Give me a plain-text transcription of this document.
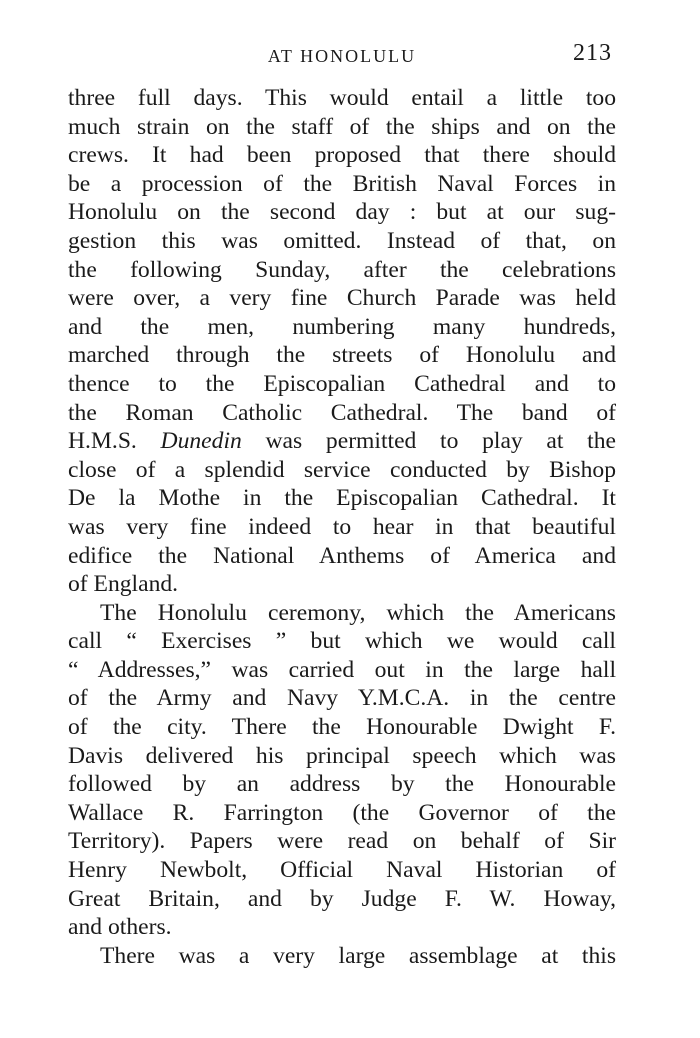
AT HONOLULU	213
three full days. This would entail a little too
much strain on the staff of the ships and on the
crews. It had been proposed that there should
be a procession of the British Naval Forces in
Honolulu on the second day : but at our sug-
gestion this was omitted. Instead of that, on
the following Sunday, after the celebrations
were over, a very fine Church Parade was held
and the men, numbering many hundreds,
marched through the streets of Honolulu and
thence to the Episcopalian Cathedral and to
the Roman Catholic Cathedral. The band of
H.M.S. Dunedin was permitted to play at the
close of a splendid service conducted by Bishop
De la Mothe in the Episcopalian Cathedral. It
was very fine indeed to hear in that beautiful
edifice the National Anthems of America and
of England.
The Honolulu ceremony, which the Americans
call “ Exercises ” but which we would call
“ Addresses,” was carried out in the large hall
of the Army and Navy Y.M.C.A. in the centre
of the city. There the Honourable Dwight F.
Davis delivered his principal speech which was
followed by an address by the Honourable
Wallace R. Farrington (the Governor of the
Territory). Papers were read on behalf of Sir
Henry Newbolt, Official Naval Historian of
Great Britain, and by Judge F. W. Howay,
and others.
There was a very large assemblage at this
